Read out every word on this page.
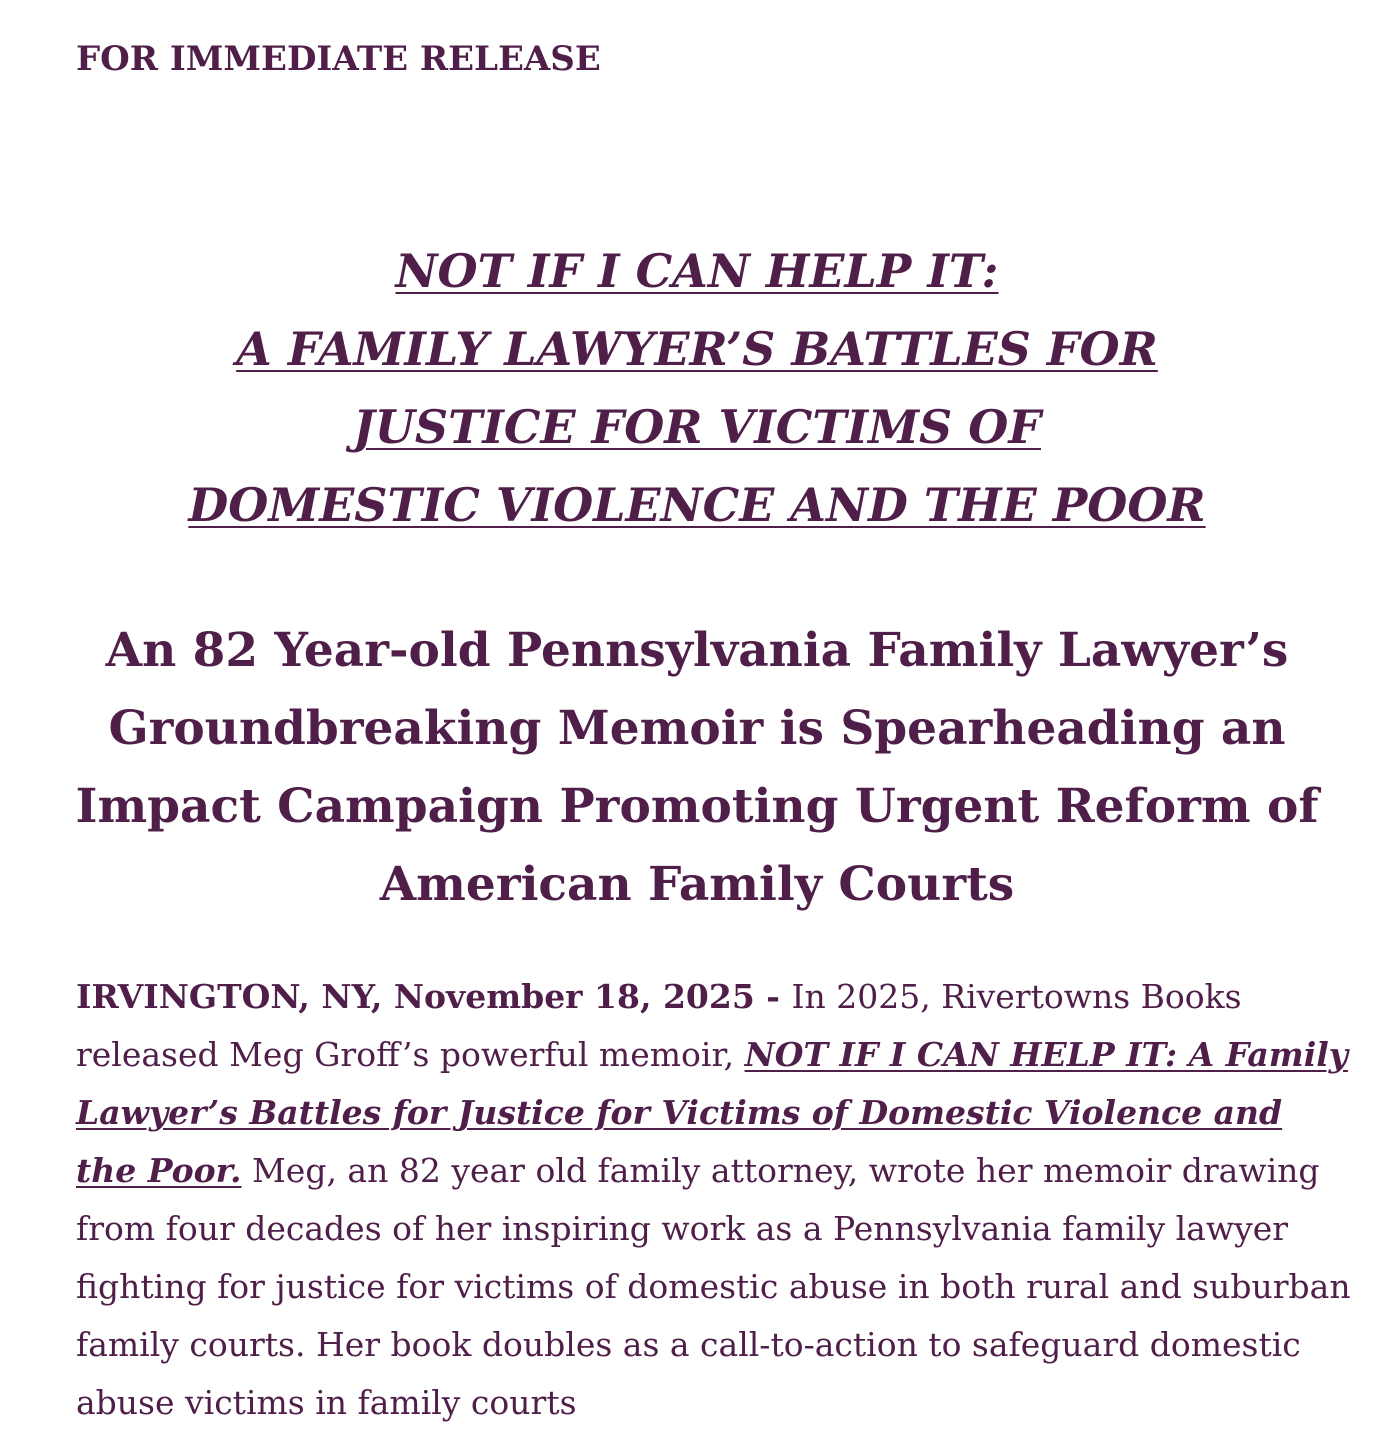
FOR IMMEDIATE RELEASE
NOT IF I CAN HELP IT:
A FAMILY LAWYER’S BATTLES FOR
JUSTICE FOR VICTIMS OF
DOMESTIC VIOLENCE AND THE POOR
An 82 Year-old Pennsylvania Family Lawyer’s
Groundbreaking Memoir is Spearheading an
Impact Campaign Promoting Urgent Reform of
American Family Courts
IRVINGTON, NY, November 18, 2025 - In 2025, Rivertowns Books
released Meg Groff’s powerful memoir, NOT IF I CAN HELP IT: A Family
Lawyer’s Battles for Justice for Victims of Domestic Violence and
the Poor. Meg, an 82 year old family attorney, wrote her memoir drawing
from four decades of her inspiring work as a Pennsylvania family lawyer
fighting for justice for victims of domestic abuse in both rural and suburban
family courts. Her book doubles as a call-to-action to safeguard domestic
abuse victims in family courts
